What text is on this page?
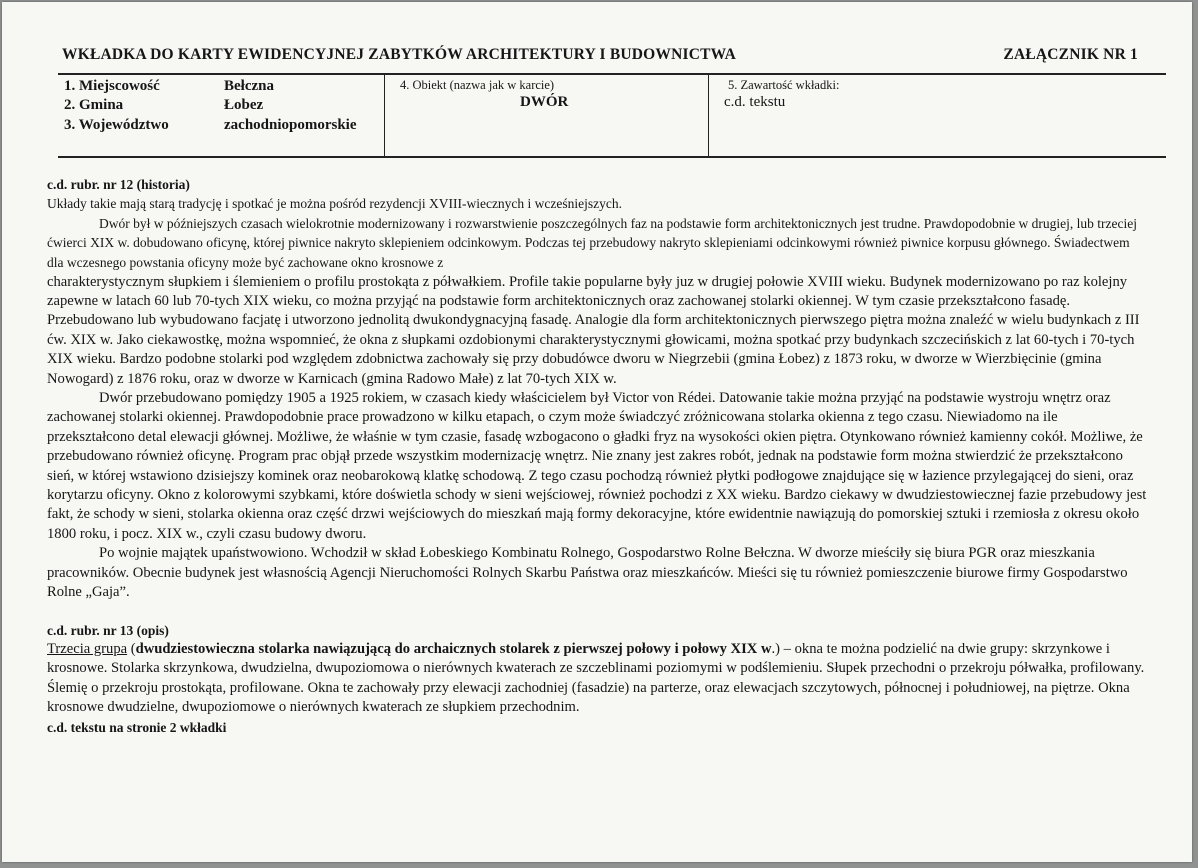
WKŁADKA DO KARTY EWIDENCYJNEJ ZABYTKÓW ARCHITEKTURY I BUDOWNICTWA	ZAŁĄCZNIK NR 1
1. Miejscowość	Bełczna
2. Gmina	Łobez
3. Województwo	zachodniopomorskie
4. Obiekt (nazwa jak w karcie)
DWÓR
5. Zawartość wkładki:
c.d. tekstu

c.d. rubr. nr 12 (historia)

Układy takie mają starą tradycję i spotkać je można pośród rezydencji XVIII-wiecznych i wcześniejszych.

Dwór był w późniejszych czasach wielokrotnie modernizowany i rozwarstwienie poszczególnych faz na podstawie form architektonicznych jest trudne. Prawdopodobnie w drugiej, lub trzeciej ćwierci XIX w. dobudowano oficynę, której piwnice nakryto sklepieniem odcinkowym. Podczas tej przebudowy nakryto sklepieniami odcinkowymi również piwnice korpusu głównego. Świadectwem dla wczesnego powstania oficyny może być zachowane okno krosnowe z

charakterystycznym słupkiem i ślemieniem o profilu prostokąta z półwałkiem. Profile takie popularne były juz w drugiej połowie XVIII wieku. Budynek modernizowano po raz kolejny zapewne w latach 60 lub 70-tych XIX wieku, co można przyjąć na podstawie form architektonicznych oraz zachowanej stolarki okiennej. W tym czasie przekształcono fasadę. Przebudowano lub wybudowano facjatę i utworzono jednolitą dwukondygnacyjną fasadę. Analogie dla form architektonicznych pierwszego piętra można znaleźć w wielu budynkach z III ćw. XIX w. Jako ciekawostkę, można wspomnieć, że okna z słupkami ozdobionymi charakterystycznymi głowicami, można spotkać przy budynkach szczecińskich z lat 60-tych i 70-tych XIX wieku. Bardzo podobne stolarki pod względem zdobnictwa zachowały się przy dobudówce dworu w Niegrzebii (gmina Łobez) z 1873 roku, w dworze w Wierzbięcinie (gmina Nowogard) z 1876 roku, oraz w dworze w Karnicach (gmina Radowo Małe) z lat 70-tych XIX w.

Dwór przebudowano pomiędzy 1905 a 1925 rokiem, w czasach kiedy właścicielem był Victor von Rédei. Datowanie takie można przyjąć na podstawie wystroju wnętrz oraz zachowanej stolarki okiennej. Prawdopodobnie prace prowadzono w kilku etapach, o czym może świadczyć zróżnicowana stolarka okienna z tego czasu. Niewiadomo na ile przekształcono detal elewacji głównej. Możliwe, że właśnie w tym czasie, fasadę wzbogacono o gładki fryz na wysokości okien piętra. Otynkowano również kamienny cokół. Możliwe, że przebudowano również oficynę. Program prac objął przede wszystkim modernizację wnętrz. Nie znany jest zakres robót, jednak na podstawie form można stwierdzić że przekształcono sień, w której wstawiono dzisiejszy kominek oraz neobarokową klatkę schodową. Z tego czasu pochodzą również płytki podłogowe znajdujące się w łazience przylegającej do sieni, oraz korytarzu oficyny. Okno z kolorowymi szybkami, które doświetla schody w sieni wejściowej, również pochodzi z XX wieku. Bardzo ciekawy w dwudziestowiecznej fazie przebudowy jest fakt, że schody w sieni, stolarka okienna oraz część drzwi wejściowych do mieszkań mają formy dekoracyjne, które ewidentnie nawiązują do pomorskiej sztuki i rzemiosła z okresu około 1800 roku, i pocz. XIX w., czyli czasu budowy dworu.

Po wojnie majątek upaństwowiono. Wchodził w skład Łobeskiego Kombinatu Rolnego, Gospodarstwo Rolne Bełczna. W dworze mieściły się biura PGR oraz mieszkania pracowników. Obecnie budynek jest własnością Agencji Nieruchomości Rolnych Skarbu Państwa oraz mieszkańców. Mieści się tu również pomieszczenie biurowe firmy Gospodarstwo Rolne „Gaja”.

c.d. rubr. nr 13 (opis)

Trzecia grupa (dwudziestowieczna stolarka nawiązującą do archaicznych stolarek z pierwszej połowy i połowy XIX w.) – okna te można podzielić na dwie grupy: skrzynkowe i krosnowe. Stolarka skrzynkowa, dwudzielna, dwupoziomowa o nierównych kwaterach ze szczeblinami poziomymi w podślemieniu. Słupek przechodni o przekroju półwałka, profilowany. Ślemię o przekroju prostokąta, profilowane. Okna te zachowały przy elewacji zachodniej (fasadzie) na parterze, oraz elewacjach szczytowych, północnej i południowej, na piętrze. Okna krosnowe dwudzielne, dwupoziomowe o nierównych kwaterach ze słupkiem przechodnim.

c.d. tekstu na stronie 2 wkładki
